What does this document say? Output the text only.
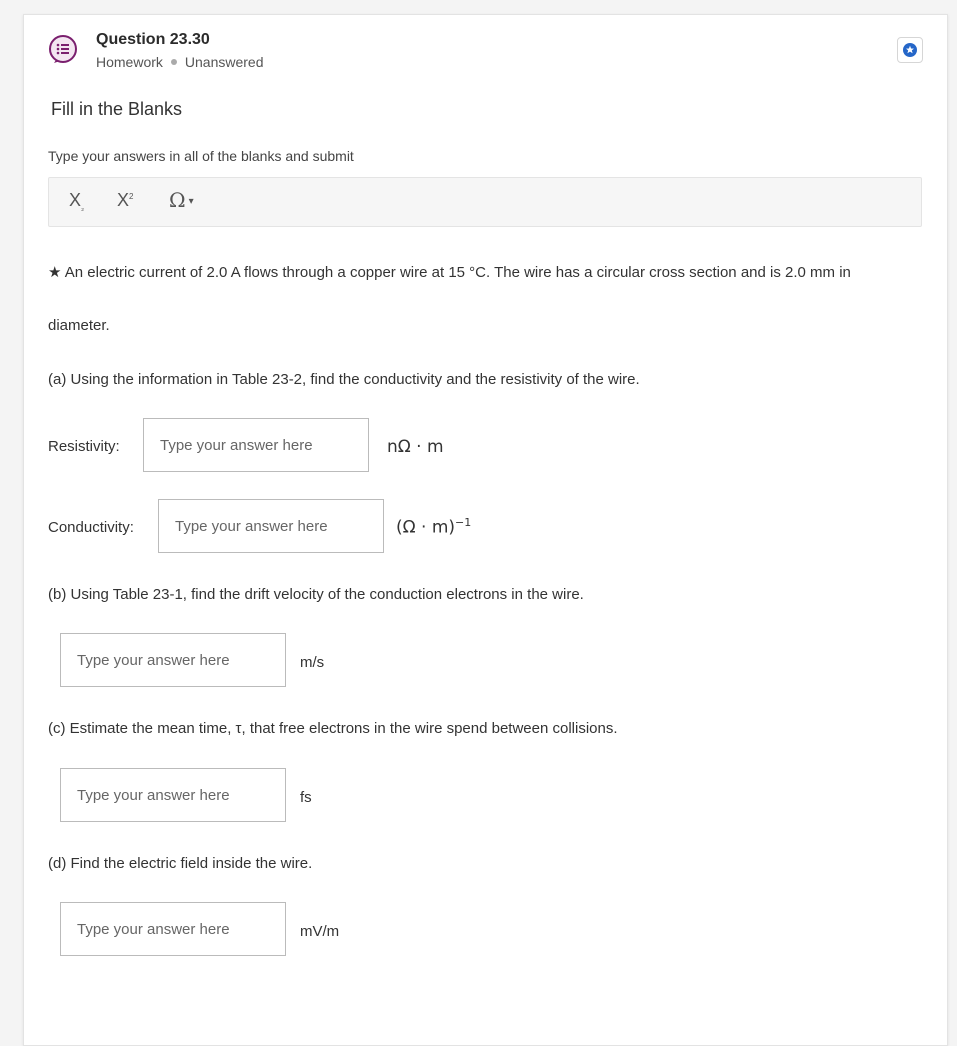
Question 23.30
Homework Unanswered
Fill in the Blanks
Type your answers in all of the blanks and submit
$X_{_2}$ $X^2$ Ω ▾
★ An electric current of 2.0 A flows through a copper wire at 15 °C. The wire has a circular cross section and is 2.0 mm in
diameter.
(a) Using the information in Table 23-2, find the conductivity and the resistivity of the wire.
Resistivity:
Type your answer here	nΩ · m
Conductivity:
Type your answer here	$(\Omega \cdot m)^{-1}$
(b) Using Table 23-1, find the drift velocity of the conduction electrons in the wire.
Type your answer here
m/s
(c) Estimate the mean time, τ, that free electrons in the wire spend between collisions.
Type your answer here
fs
(d) Find the electric field inside the wire.
Type your answer here
mV/m
